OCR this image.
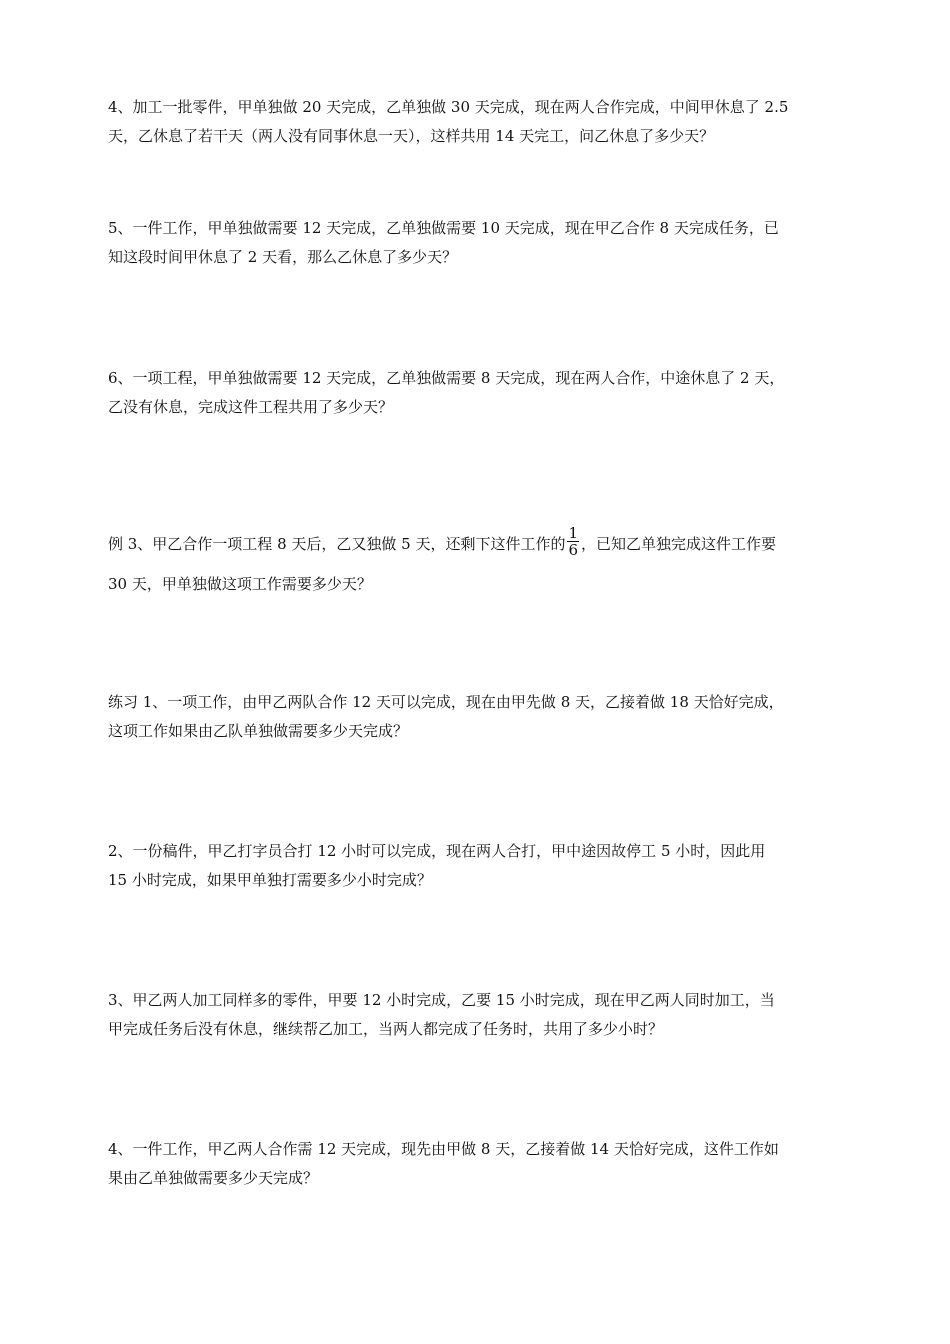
4、加工一批零件，甲单独做 20 天完成，乙单独做 30 天完成，现在两人合作完成，中间甲休息了 2.5
天，乙休息了若干天（两人没有同事休息一天），这样共用 14 天完工，问乙休息了多少天？
5、一件工作，甲单独做需要 12 天完成，乙单独做需要 10 天完成，现在甲乙合作 8 天完成任务，已
知这段时间甲休息了 2 天看，那么乙休息了多少天？
6、一项工程，甲单独做需要 12 天完成，乙单独做需要 8 天完成，现在两人合作，中途休息了 2 天，
乙没有休息，完成这件工程共用了多少天？
例 3、甲乙合作一项工程 8 天后，乙又独做 5 天，还剩下这件工作的 $\frac{1}{6}$ ，已知乙单独完成这件工作要
30 天，甲单独做这项工作需要多少天？
练习 1、一项工作，由甲乙两队合作 12 天可以完成，现在由甲先做 8 天，乙接着做 18 天恰好完成，
这项工作如果由乙队单独做需要多少天完成？
2、一份稿件，甲乙打字员合打 12 小时可以完成，现在两人合打，甲中途因故停工 5 小时，因此用
15 小时完成，如果甲单独打需要多少小时完成？
3、甲乙两人加工同样多的零件，甲要 12 小时完成，乙要 15 小时完成，现在甲乙两人同时加工，当
甲完成任务后没有休息，继续帮乙加工，当两人都完成了任务时，共用了多少小时？
4、一件工作，甲乙两人合作需 12 天完成，现先由甲做 8 天，乙接着做 14 天恰好完成，这件工作如
果由乙单独做需要多少天完成？
